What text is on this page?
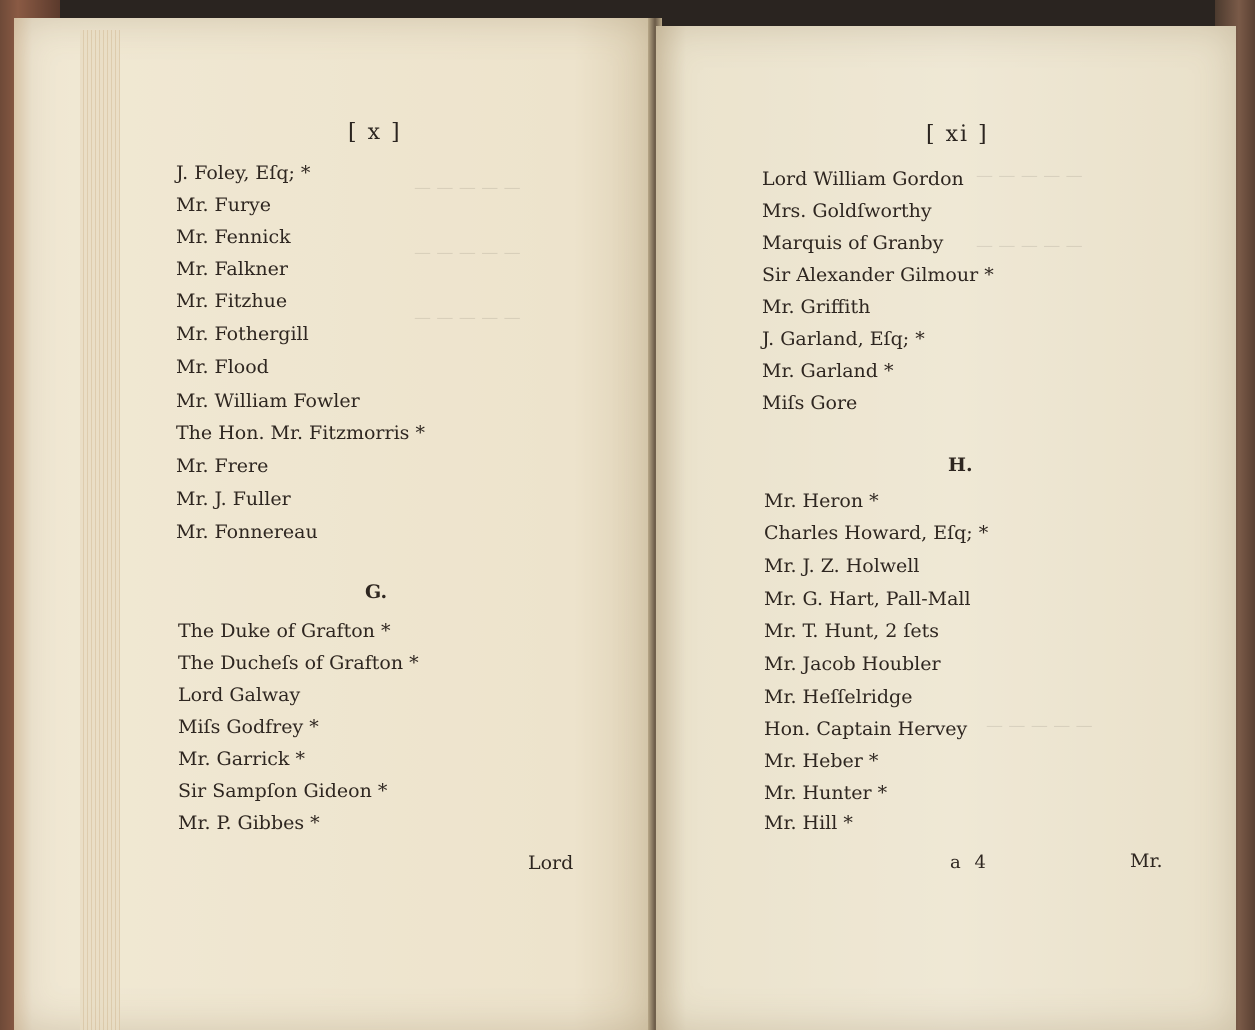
— — — — —
— — — — —
— — — — —
[ x ]
J. Foley, Eſq; *
Mr. Furye
Mr. Fennick
Mr. Falkner
Mr. Fitzhue
Mr. Fothergill
Mr. Flood
Mr. William Fowler
The Hon. Mr. Fitzmorris *
Mr. Frere
Mr. J. Fuller
Mr. Fonnereau
G.
The Duke of Grafton *
The Ducheſs of Grafton *
Lord Galway
Miſs Godfrey *
Mr. Garrick *
Sir Sampſon Gideon *
Mr. P. Gibbes *
Lord
— — — — —
— — — — —
— — — — —
[ xi ]
Lord William Gordon
Mrs. Goldſworthy
Marquis of Granby
Sir Alexander Gilmour *
Mr. Griffith
J. Garland, Eſq; *
Mr. Garland *
Miſs Gore
H.
Mr. Heron *
Charles Howard, Eſq; *
Mr. J. Z. Holwell
Mr. G. Hart, Pall-Mall
Mr. T. Hunt, 2 ſets
Mr. Jacob Houbler
Mr. Heſſelridge
Hon. Captain Hervey
Mr. Heber *
Mr. Hunter *
Mr. Hill *
a 4	Mr.
